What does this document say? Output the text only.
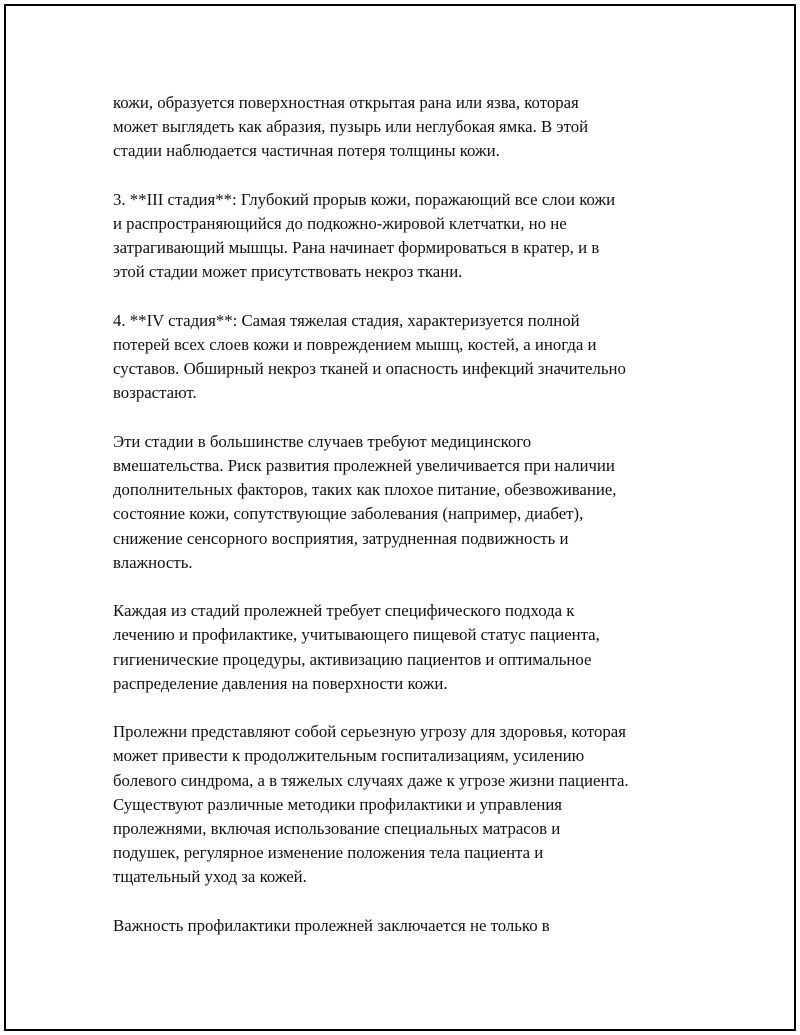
кожи, образуется поверхностная открытая рана или язва, которая
может выглядеть как абразия, пузырь или неглубокая ямка. В этой
стадии наблюдается частичная потеря толщины кожи.

3. **III стадия**: Глубокий прорыв кожи, поражающий все слои кожи
и распространяющийся до подкожно-жировой клетчатки, но не
затрагивающий мышцы. Рана начинает формироваться в кратер, и в
этой стадии может присутствовать некроз ткани.

4. **IV стадия**: Самая тяжелая стадия, характеризуется полной
потерей всех слоев кожи и повреждением мышц, костей, а иногда и
суставов. Обширный некроз тканей и опасность инфекций значительно
возрастают.

Эти стадии в большинстве случаев требуют медицинского
вмешательства. Риск развития пролежней увеличивается при наличии
дополнительных факторов, таких как плохое питание, обезвоживание,
состояние кожи, сопутствующие заболевания (например, диабет),
снижение сенсорного восприятия, затрудненная подвижность и
влажность.

Каждая из стадий пролежней требует специфического подхода к
лечению и профилактике, учитывающего пищевой статус пациента,
гигиенические процедуры, активизацию пациентов и оптимальное
распределение давления на поверхности кожи.

Пролежни представляют собой серьезную угрозу для здоровья, которая
может привести к продолжительным госпитализациям, усилению
болевого синдрома, а в тяжелых случаях даже к угрозе жизни пациента.
Существуют различные методики профилактики и управления
пролежнями, включая использование специальных матрасов и
подушек, регулярное изменение положения тела пациента и
тщательный уход за кожей.

Важность профилактики пролежней заключается не только в
